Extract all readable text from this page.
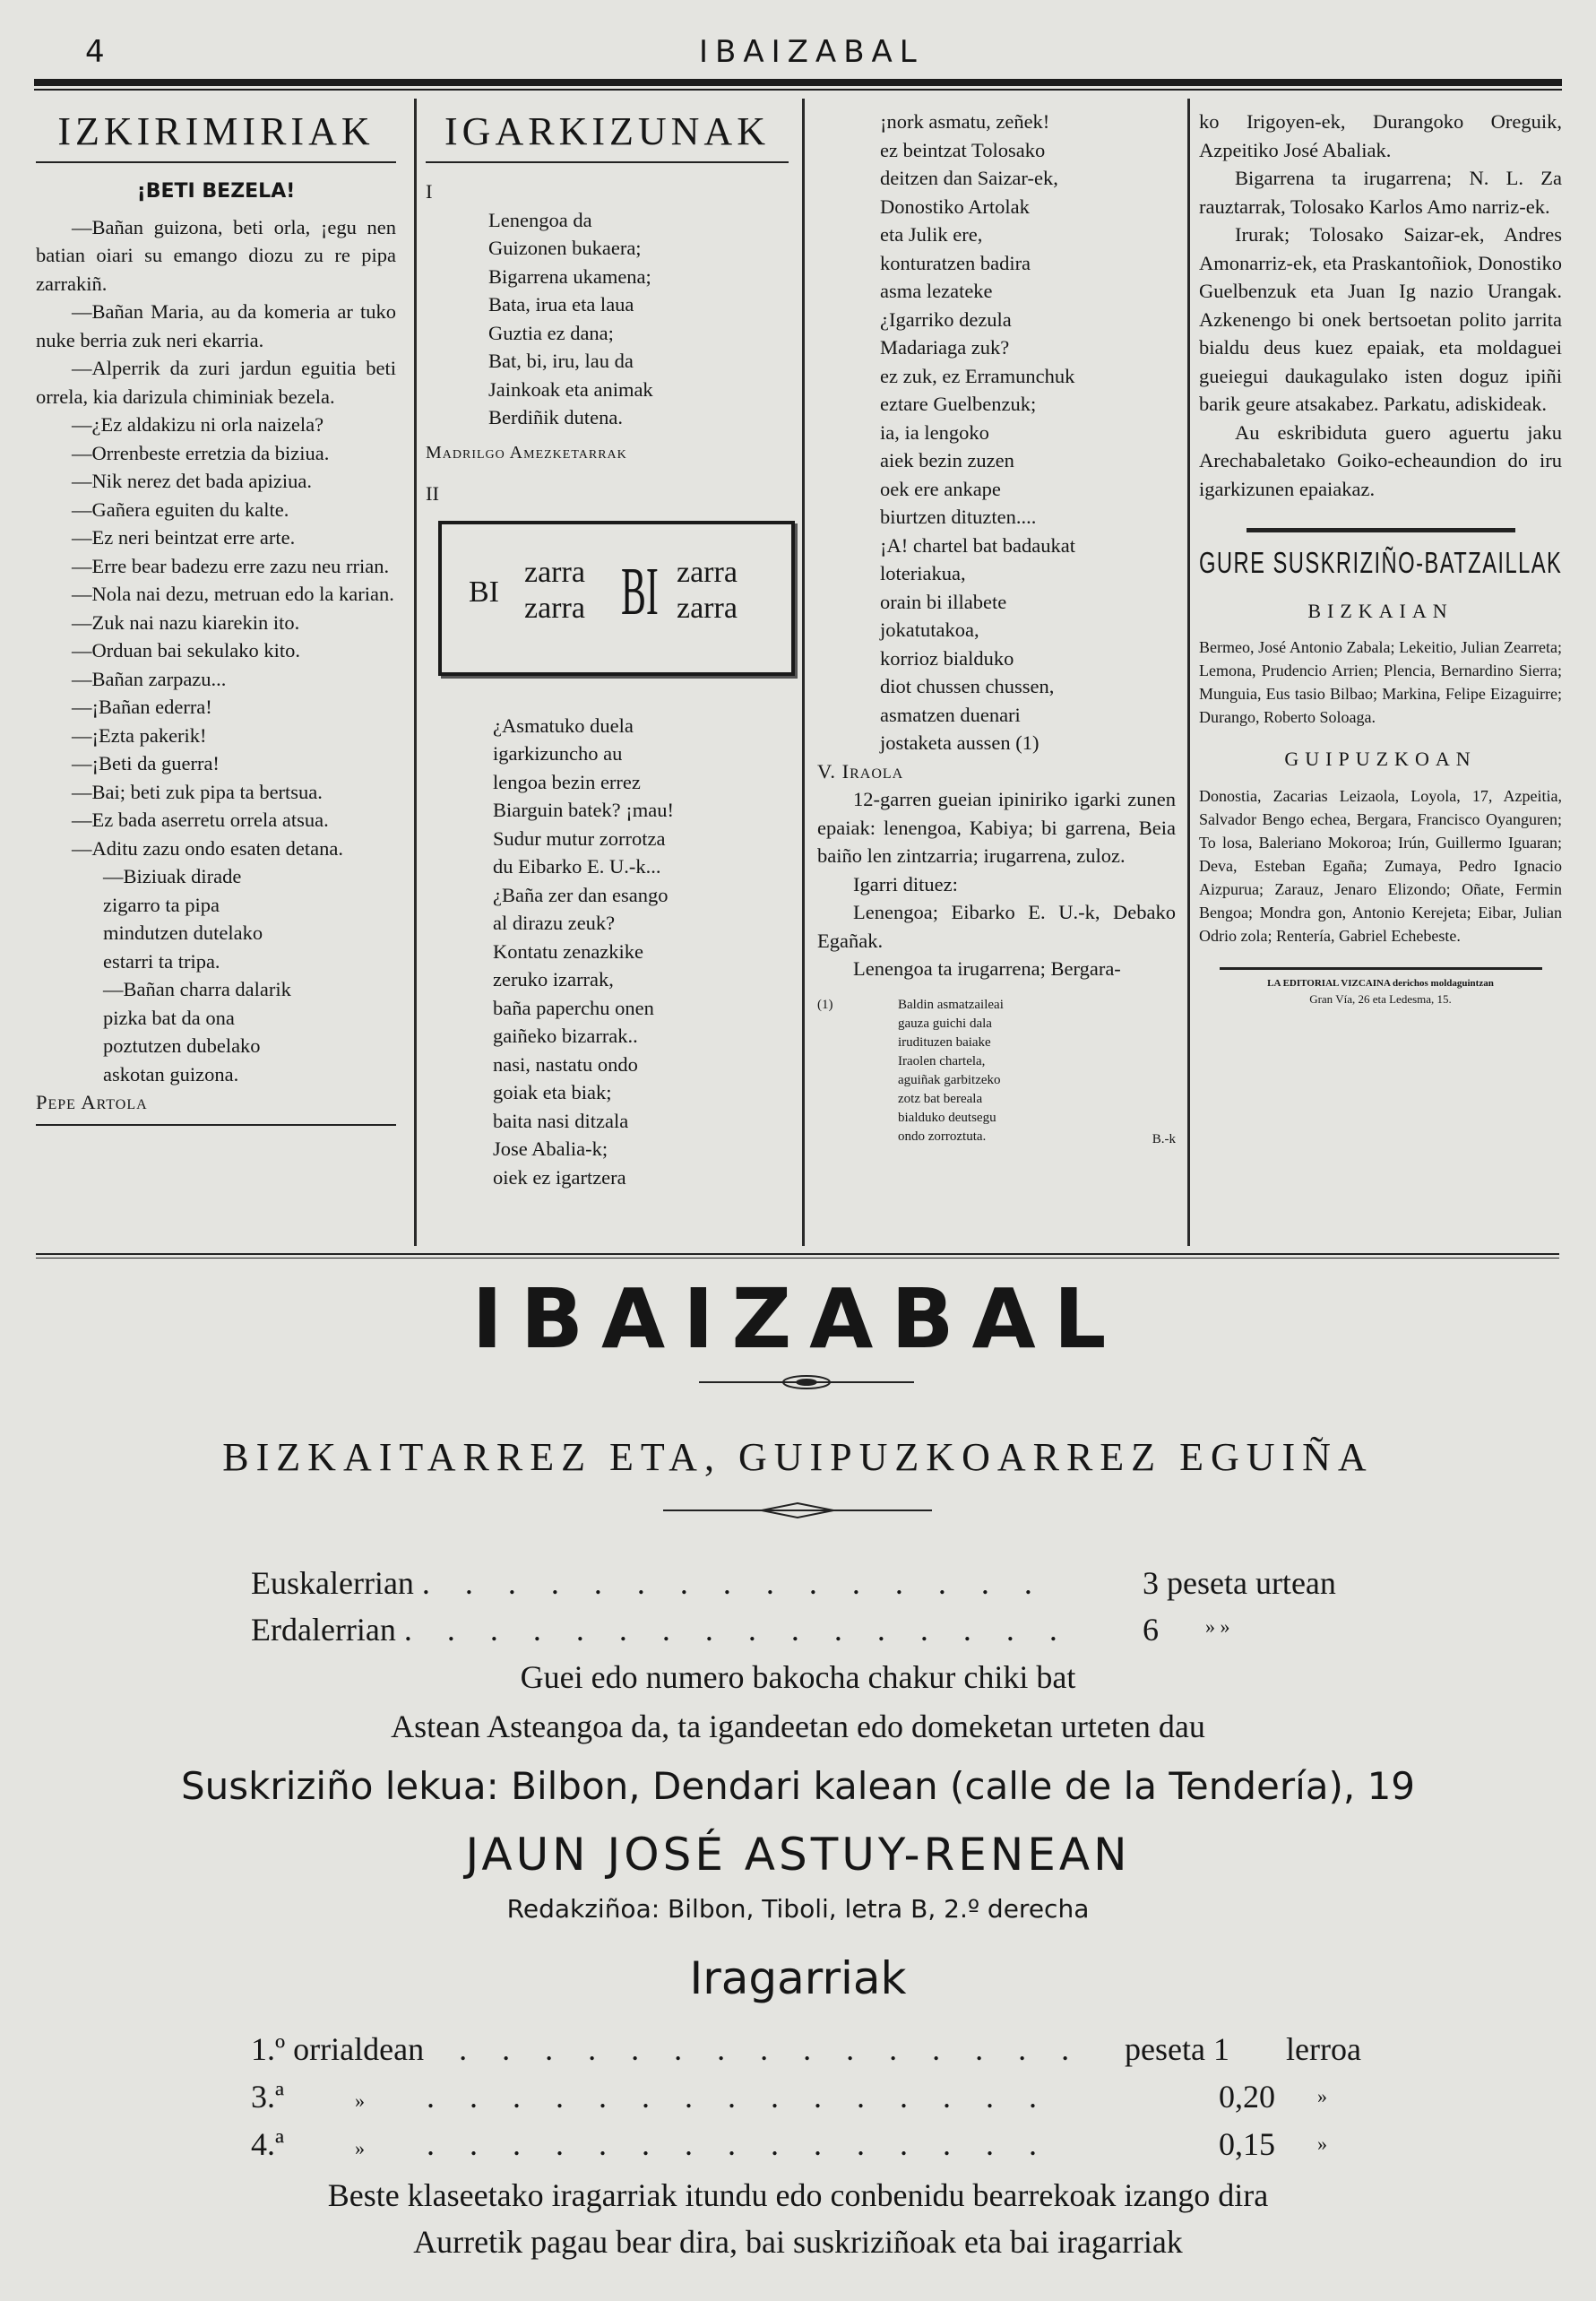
4	IBAIZABAL
IZKIRIMIRIAK
¡BETI BEZELA!

—Bañan guizona, beti orla, ¡egu nen batian oiari su emango diozu zu re pipa zarrakiñ.

—Bañan Maria, au da komeria ar tuko nuke berria zuk neri ekarria.

—Alperrik da zuri jardun eguitia beti orrela, kia darizula chiminiak bezela.

—¿Ez aldakizu ni orla naizela?

—Orrenbeste erretzia da biziua.

—Nik nerez det bada apiziua.

—Gañera eguiten du kalte.

—Ez neri beintzat erre arte.

—Erre bear badezu erre zazu neu rrian.

—Nola nai dezu, metruan edo la karian.

—Zuk nai nazu kiarekin ito.

—Orduan bai sekulako kito.

—Bañan zarpazu...

—¡Bañan ederra!

—¡Ezta pakerik!

—¡Beti da guerra!

—Bai; beti zuk pipa ta bertsua.

—Ez bada aserretu orrela atsua.

—Aditu zazu ondo esaten detana.

—Biziuak dirade

zigarro ta pipa

mindutzen dutelako

estarri ta tripa.

—Bañan charra dalarik

pizka bat da ona

poztutzen dubelako

askotan guizona.

Pepe Artola

IGARKIZUNAK

I

Lenengoa da

Guizonen bukaera;

Bigarrena ukamena;

Bata, irua eta laua

Guztia ez dana;

Bat, bi, iru, lau da

Jainkoak eta animak

Berdiñik dutena.

Madrilgo Amezketarrak

II

BI
zarra
zarra BI zarra
zarra

¿Asmatuko duela

igarkizuncho au

lengoa bezin errez

Biarguin batek? ¡mau!

Sudur mutur zorrotza

du Eibarko E. U.-k...

¿Baña zer dan esango

al dirazu zeuk?

Kontatu zenazkike

zeruko izarrak,

baña paperchu onen

gaiñeko bizarrak..

nasi, nastatu ondo

goiak eta biak;

baita nasi ditzala

Jose Abalia-k;

oiek ez igartzera

¡nork asmatu, zeñek!

ez beintzat Tolosako

deitzen dan Saizar-ek,

Donostiko Artolak

eta Julik ere,

konturatzen badira

asma lezateke

¿Igarriko dezula

Madariaga zuk?

ez zuk, ez Erramunchuk

eztare Guelbenzuk;

ia, ia lengoko

aiek bezin zuzen

oek ere ankape

biurtzen dituzten....

¡A! chartel bat badaukat

loteriakua,

orain bi illabete

jokatutakoa,

korrioz bialduko

diot chussen chussen,

asmatzen duenari

jostaketa aussen (1)

V. Iraola

12-garren gueian ipiniriko igarki zunen epaiak: lenengoa, Kabiya; bi garrena, Beia baiño len zintzarria; irugarrena, zuloz.

Igarri dituez:

Lenengoa; Eibarko E. U.-k, Debako Egañak.

Lenengoa ta irugarrena; Bergara-

(1)	Baldin asmatzaileai

gauza guichi dala

irudituzen baiake

Iraolen chartela,

aguiñak garbitzeko

zotz bat bereala

bialduko deutsegu

ondo zorroztuta.	B.-k

ko Irigoyen-ek, Durangoko Oreguik, Azpeitiko José Abaliak.

Bigarrena ta irugarrena; N. L. Za rauztarrak, Tolosako Karlos Amo narriz-ek.

Irurak; Tolosako Saizar-ek, Andres Amonarriz-ek, eta Praskantoñiok, Donostiko Guelbenzuk eta Juan Ig nazio Urangak. Azkenengo bi onek bertsoetan polito jarrita bialdu deus kuez epaiak, eta moldaguei gueiegui daukagulako isten doguz ipiñi barik geure atsakabez. Parkatu, adiskideak.

Au eskribiduta guero aguertu jaku Arechabaletako Goiko-echeaundion do iru igarkizunen epaiakaz.

GURE SUSKRIZIÑO-BATZAILLAK
BIZKAIAN

Bermeo, José Antonio Zabala; Lekeitio, Julian Zearreta; Lemona, Prudencio Arrien; Plencia, Bernardino Sierra; Munguia, Eus tasio Bilbao; Markina, Felipe Eizaguirre; Durango, Roberto Soloaga.

GUIPUZKOAN

Donostia, Zacarias Leizaola, Loyola, 17, Azpeitia, Salvador Bengo echea, Bergara, Francisco Oyanguren; To losa, Baleriano Mokoroa; Irún, Guillermo Iguaran; Deva, Esteban Egaña; Zumaya, Pedro Ignacio Aizpurua; Zarauz, Jenaro Elizondo; Oñate, Fermin Bengoa; Mondra gon, Antonio Kerejeta; Eibar, Julian Odrio zola; Rentería, Gabriel Echebeste.

LA EDITORIAL VIZCAINA derichos moldaguintzan

Gran Vía, 26 eta Ledesma, 15.

IBAIZABAL
BIZKAITARREZ ETA, GUIPUZKOARREZ EGUIÑA
Euskalerrian . . . . . . . . . . . . . . .	3 peseta urtean
Erdalerrian . . . . . . . . . . . . . . . . 6 » »
Guei edo numero bakocha chakur chiki bat
Astean Asteangoa da, ta igandeetan edo domeketan urteten dau
Suskriziño lekua: Bilbon, Dendari kalean (calle de la Tendería), 19
JAUN JOSÉ ASTUY-RENEAN
Redakziñoa: Bilbon, Tiboli, letra B, 2.º derecha
Iragarriak
1.º orrialdean . . . . . . . . . . . . . . . peseta 1 lerroa
3.ª	» . . . . . . . . . . . . . . .	0,20 »
4.ª	» . . . . . . . . . . . . . . .	0,15 »
Beste klaseetako iragarriak itundu edo conbenidu bearrekoak izango dira
Aurretik pagau bear dira, bai suskriziñoak eta bai iragarriak
